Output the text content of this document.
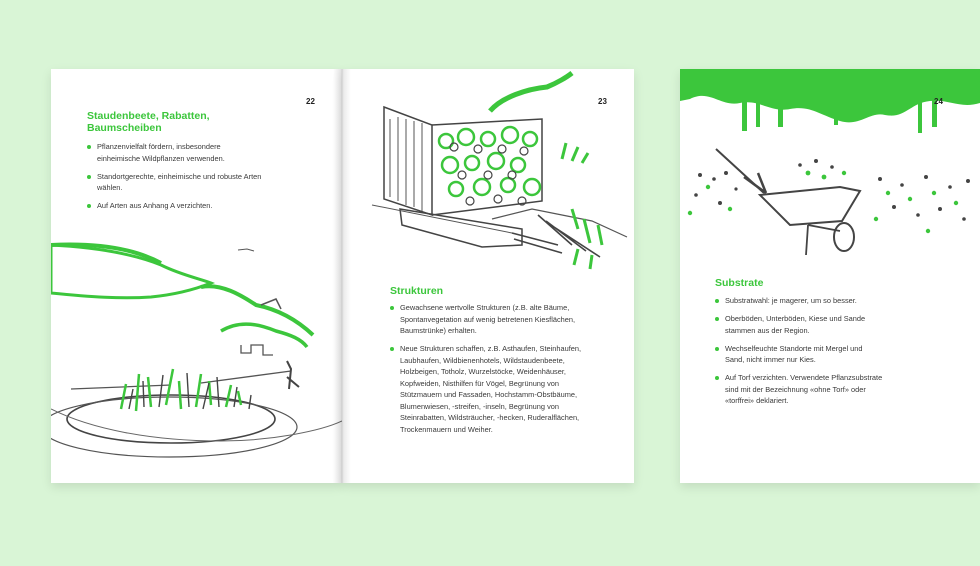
22
Staudenbeete, Rabatten,
Baumscheiben
Pflanzenvielfalt fördern, insbesondere einheimische Wildpflanzen verwenden.
Standortgerechte, einheimische und robuste Arten wählen.
Auf Arten aus Anhang A verzichten.
23
Strukturen
Gewachsene wertvolle Strukturen (z.B. alte Bäume, Spontanvegetation auf wenig betretenen Kiesflächen, Baumstrünke) erhalten.
Neue Strukturen schaffen, z.B. Asthaufen, Steinhaufen, Laubhaufen, Wildbienenhotels, Wildstaudenbeete, Holzbeigen, Totholz, Wurzelstöcke, Weidenhäuser, Kopfweiden, Nisthilfen für Vögel, Begrünung von Stützmauern und Fassaden, Hochstamm-Obstbäume, Blumenwiesen, -streifen, -inseln, Begrünung von Steinrabatten, Wildsträucher, -hecken, Ruderalflächen, Trockenmauern und Weiher.
24
Substrate
Substratwahl: je magerer, um so besser.
Oberböden, Unterböden, Kiese und Sande stammen aus der Region.
Wechselfeuchte Standorte mit Mergel und Sand, nicht immer nur Kies.
Auf Torf verzichten. Verwendete Pflanzsubstrate sind mit der Bezeichnung «ohne Torf» oder «torffrei» deklariert.
